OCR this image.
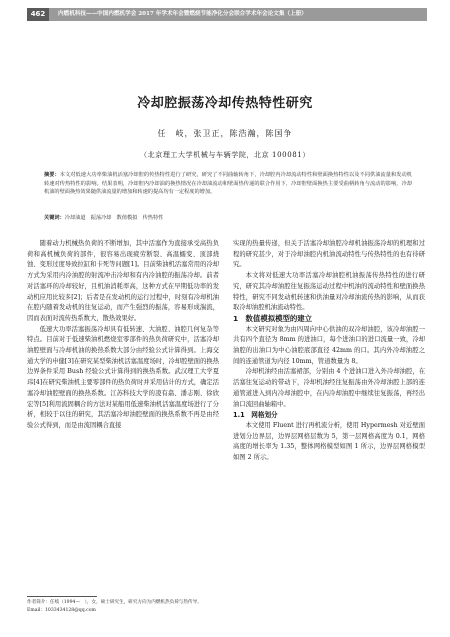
462	内燃机科技——中国内燃机学会 2017 年学术年会暨燃烧节能净化分会联合学术年会论文集（上册）
冷却腔振荡冷却传热特性研究
任　岐，张卫正，陈浩瀚，陈国争
（北京理工大学机械与车辆学院，北京 100081）
摘要：本文对低速大功率柴油机活塞冷却腔的传热特性进行了研究，研究了不同曲轴转角下，冷却腔内冷却流动特性和壁面换热特性以及不同供油流量和发动机转速对传热特性的影响。结果表明，冷却腔内冷却油的换热情况在冷却油流动和壁面热传递的联合作用下，冷却腔壁面换热主要受曲柄转角与流动的影响，冷却机油的壁面换热效果随供油流量的增加和转速的提高均有一定程度的增加。
关键词：冷却油道　振荡冷却　数值模拟　传热特性

随着动力机械热负荷的不断增加，其中活塞作为直接承受高热负荷和高机械负荷的部件，很容易出现疲劳断裂、高温蠕变、顶部烧蚀、变形过度导致拉缸和卡死等问题[1]。目前柴油机活塞常用的冷却方式为采用内冷油腔的射流冲击冷却和有内冷油腔的振荡冷却。前者对活塞环的冷却较好，且机油消耗率高，这种方式在早期低功率的发动机应用比较多[2]；后者是在发动机的运行过程中，时刻有冷却机油在腔内随着发动机的往复运动，而产生强烈的振荡，容易形成湍流，因而表面对流传热系数大，散热效果好。

低速大功率活塞振荡冷却具有低转速、大油腔、油腔几何复杂等特点。目前对于低速柴油机燃烧室零部件的热负荷研究中，活塞冷却油腔壁面与冷却机油的换热系数大部分由经验公式计算得到。上海交通大学的申健[3]在研究某型柴油机活塞温度场时，冷却腔壁面的换热边界条件采用 Bush 经验公式计算得到的换热系数。武汉理工大学夏玮[4]在研究柴油机主要零部件的热负荷时并采用估计的方式，确定活塞冷却油腔壁面的换热系数。江苏科技大学的凌有翕、潘志刚、徐欣宏等[5]利用流固耦合的方法对某船用低速柴油机活塞温度场进行了分析，相较于以往的研究，其活塞冷却油腔壁面的换热系数不再是由经验公式得到，而是由流固耦合直接

实现的热量传递，但关于活塞冷却油腔冷却机油振荡冷却的机理和过程的研究甚少，对于冷却油腔内机油流动特性与传热特性的也有待研究。

本文将对低速大功率活塞冷却油腔机油振荡传热特性的进行研究，研究其冷却油腔往复振荡运动过程中机油的流动特性和壁面换热特性，研究不同发动机转速和供油量对冷却油流传热的影响，从而获取冷却油腔机油流动特性。

1　数值模拟模型的建立

本文研究对象为由四周向中心供油的双冷却油腔，该冷却油腔一共有四个直径为 8mm 的进油口，每个进油口的进口流量一致，冷却油腔的出油口为中心油腔底部直径 42mm 的口。其内外冷却油腔之间的连通管道为内径 10mm，管道数量为 8。

冷却机油经由活塞裙部，分别由 4 个进油口进入外冷却油腔，在活塞往复运动的带动下，冷却机油经往复振荡由外冷却油腔上部的连通管道进入到内冷却油腔中，在内冷却油腔中继续往复振荡，再经出油口流回曲轴箱中。

1.1　网格划分

本文使用 Fluent 进行再机流分析，使用 Hypermesh 对近壁面进划分边界层，边界层网格层数为 5，第一层网格高度为 0.1，网格高度的增长率为 1.35，整体网格模型如图 1 所示，边界层网格模型如图 2 所示。

作者简介：任岐（1994—　），女，硕士研究生，研究方向为内燃机热负荷与热传导。
Email：1033434128@qq.com
